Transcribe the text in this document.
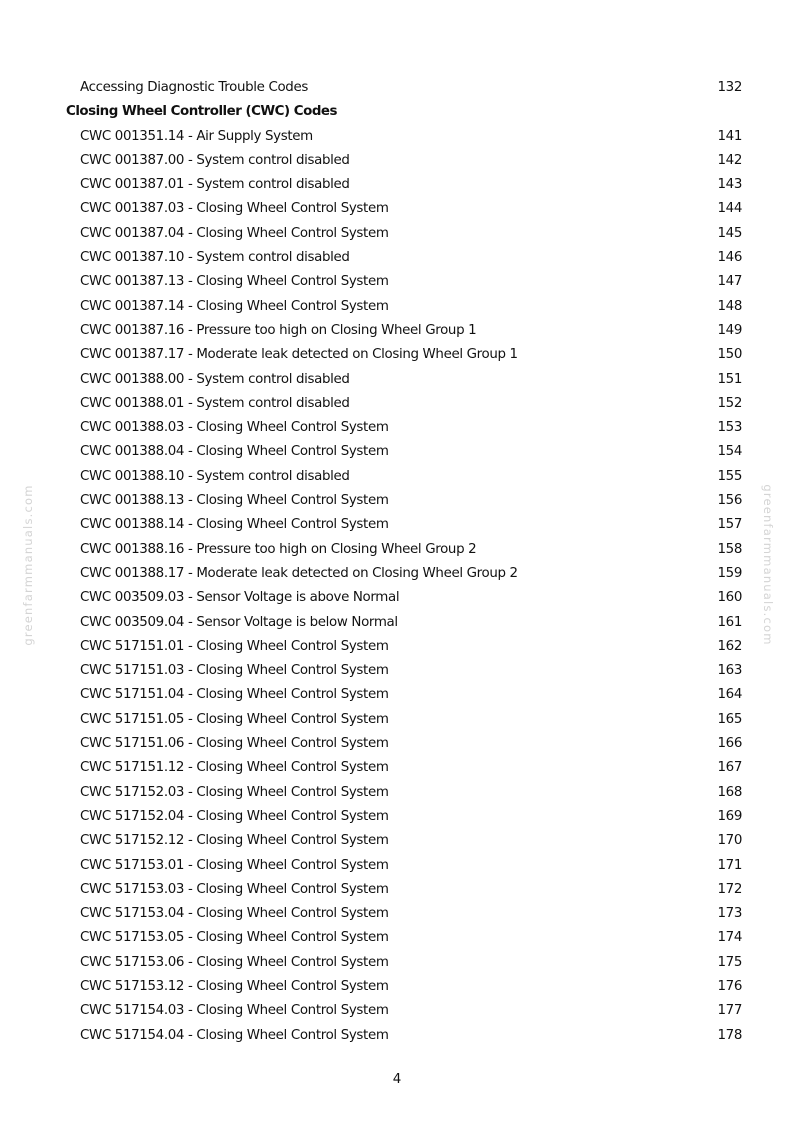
greenfarmmanuals.com	greenfarmmanuals.com
Accessing Diagnostic Trouble Codes	132
Closing Wheel Controller (CWC) Codes
CWC 001351.14 - Air Supply System	141
CWC 001387.00 - System control disabled	142
CWC 001387.01 - System control disabled	143
CWC 001387.03 - Closing Wheel Control System	144
CWC 001387.04 - Closing Wheel Control System	145
CWC 001387.10 - System control disabled	146
CWC 001387.13 - Closing Wheel Control System	147
CWC 001387.14 - Closing Wheel Control System	148
CWC 001387.16 - Pressure too high on Closing Wheel Group 1	149
CWC 001387.17 - Moderate leak detected on Closing Wheel Group 1	150
CWC 001388.00 - System control disabled	151
CWC 001388.01 - System control disabled	152
CWC 001388.03 - Closing Wheel Control System	153
CWC 001388.04 - Closing Wheel Control System	154
CWC 001388.10 - System control disabled	155
CWC 001388.13 - Closing Wheel Control System	156
CWC 001388.14 - Closing Wheel Control System	157
CWC 001388.16 - Pressure too high on Closing Wheel Group 2	158
CWC 001388.17 - Moderate leak detected on Closing Wheel Group 2	159
CWC 003509.03 - Sensor Voltage is above Normal	160
CWC 003509.04 - Sensor Voltage is below Normal	161
CWC 517151.01 - Closing Wheel Control System	162
CWC 517151.03 - Closing Wheel Control System	163
CWC 517151.04 - Closing Wheel Control System	164
CWC 517151.05 - Closing Wheel Control System	165
CWC 517151.06 - Closing Wheel Control System	166
CWC 517151.12 - Closing Wheel Control System	167
CWC 517152.03 - Closing Wheel Control System	168
CWC 517152.04 - Closing Wheel Control System	169
CWC 517152.12 - Closing Wheel Control System	170
CWC 517153.01 - Closing Wheel Control System	171
CWC 517153.03 - Closing Wheel Control System	172
CWC 517153.04 - Closing Wheel Control System	173
CWC 517153.05 - Closing Wheel Control System	174
CWC 517153.06 - Closing Wheel Control System	175
CWC 517153.12 - Closing Wheel Control System	176
CWC 517154.03 - Closing Wheel Control System	177
CWC 517154.04 - Closing Wheel Control System	178
4
